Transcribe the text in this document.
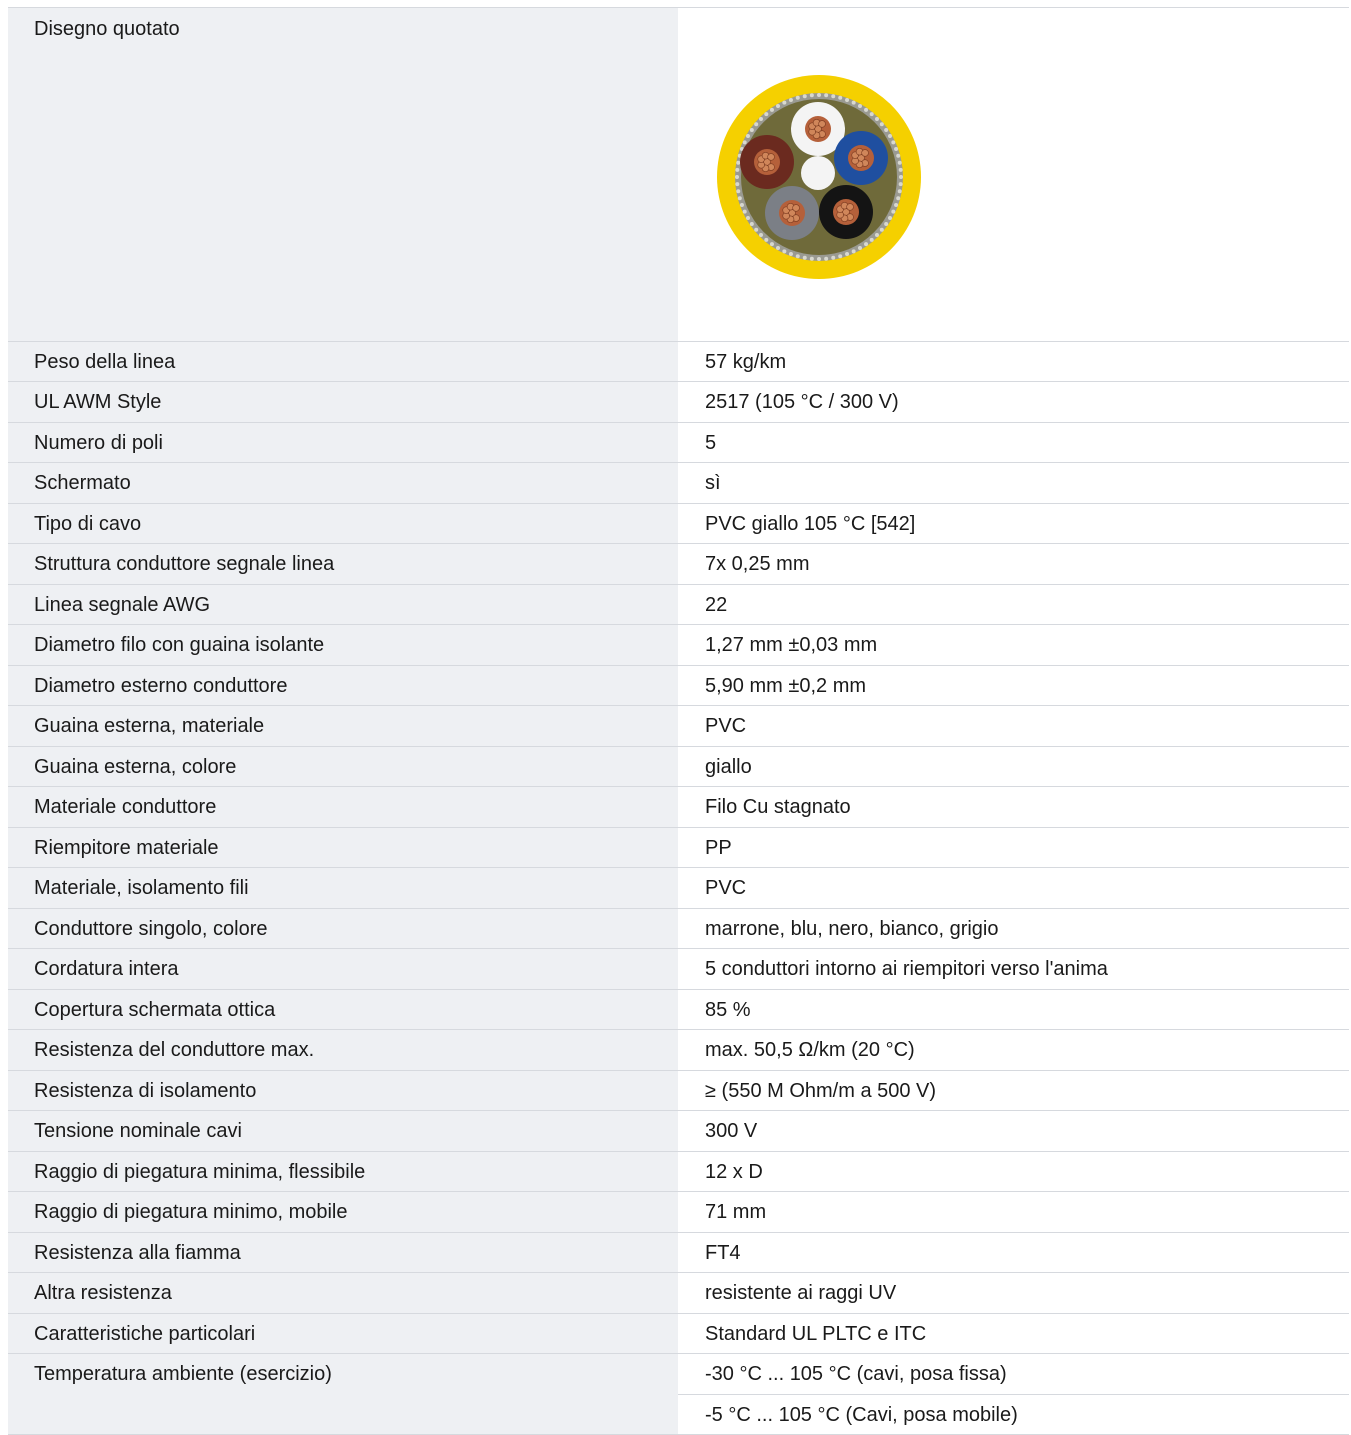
Disegno quotato	

Peso della linea	57 kg/km
UL AWM Style	2517 (105 °C / 300 V)
Numero di poli	5
Schermato	sì
Tipo di cavo	PVC giallo 105 °C [542]
Struttura conduttore segnale linea	7x 0,25 mm
Linea segnale AWG	22
Diametro filo con guaina isolante	1,27 mm ±0,03 mm
Diametro esterno conduttore	5,90 mm ±0,2 mm
Guaina esterna, materiale	PVC
Guaina esterna, colore	giallo
Materiale conduttore	Filo Cu stagnato
Riempitore materiale	PP
Materiale, isolamento fili	PVC
Conduttore singolo, colore	marrone, blu, nero, bianco, grigio
Cordatura intera	5 conduttori intorno ai riempitori verso l'anima
Copertura schermata ottica	85 %
Resistenza del conduttore max.	max. 50,5 Ω/km (20 °C)
Resistenza di isolamento	≥ (550 M Ohm/m a 500 V)
Tensione nominale cavi	300 V
Raggio di piegatura minima, flessibile	12 x D
Raggio di piegatura minimo, mobile	71 mm
Resistenza alla fiamma	FT4
Altra resistenza	resistente ai raggi UV
Caratteristiche particolari	Standard UL PLTC e ITC
Temperatura ambiente (esercizio)	-30 °C ... 105 °C (cavi, posa fissa)
	-5 °C ... 105 °C (Cavi, posa mobile)
